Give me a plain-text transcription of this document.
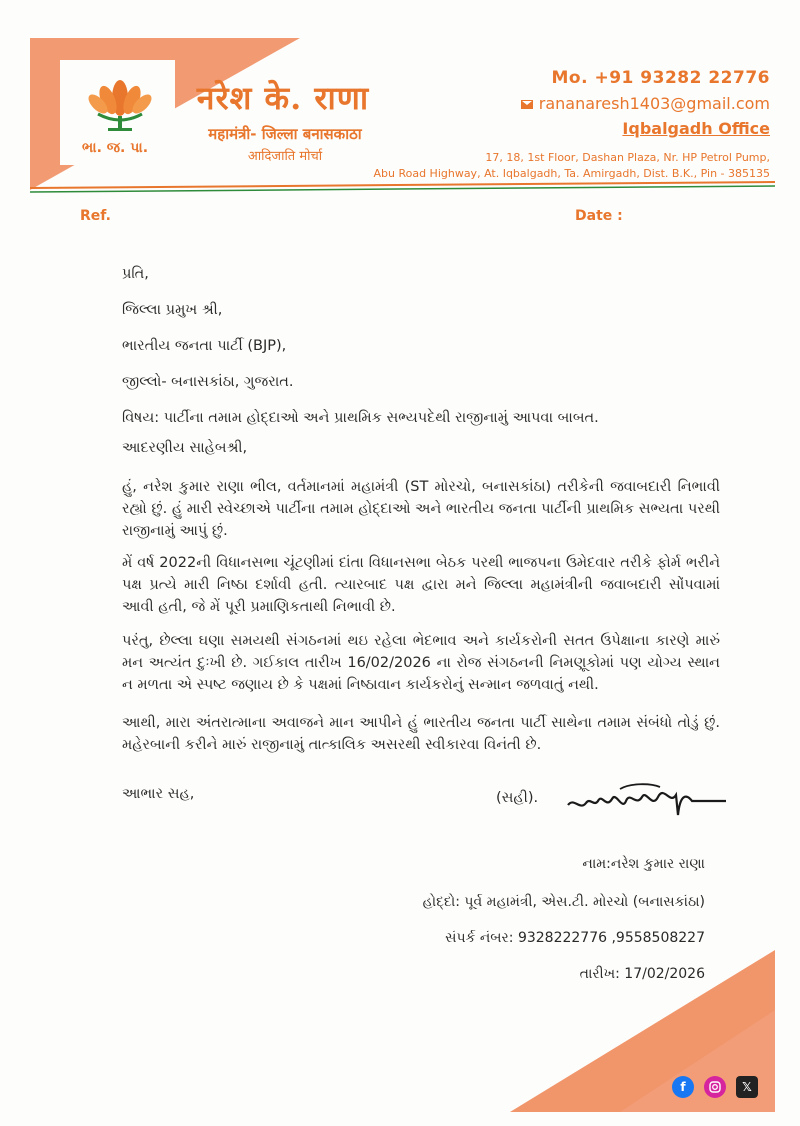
ભા. જ. પા.
नरेश के. राणा
महामंत्री- जिल्ला बनासकाठा
आदिजाति मोर्चा
Mo. +91 93282 22776
rananaresh1403@gmail.com
Iqbalgadh Office
17, 18, 1st Floor, Dashan Plaza, Nr. HP Petrol Pump,
Abu Road Highway, At. Iqbalgadh, Ta. Amirgadh, Dist. B.K., Pin - 385135
Ref.	Date :
પ્રતિ,
જિલ્લા પ્રમુખ શ્રી,
ભારતીય જનતા પાર્ટી (BJP),
જીલ્લો- બનાસકાંઠા, ગુજરાત.
વિષય: પાર્ટીના તમામ હોદ્દાઓ અને પ્રાથમિક સભ્યપદેથી રાજીનામું આપવા બાબત.
આદરણીય સાહેબશ્રી,
હું, નરેશ કુમાર રાણા ભીલ, વર્તમાનમાં મહામંત્રી (ST મોરચો, બનાસકાંઠા) તરીકેની જવાબદારી નિભાવી રહ્યો છું. હું મારી સ્વેચ્છાએ પાર્ટીના તમામ હોદ્દાઓ અને ભારતીય જનતા પાર્ટીની પ્રાથમિક સભ્યતા પરથી રાજીનામું આપું છું.
મેં વર્ષ 2022ની વિધાનસભા ચૂંટણીમાં દાંતા વિધાનસભા બેઠક પરથી ભાજપના ઉમેદવાર તરીકે ફોર્મ ભરીને પક્ષ પ્રત્યે મારી નિષ્ઠા દર્શાવી હતી. ત્યારબાદ પક્ષ દ્વારા મને જિલ્લા મહામંત્રીની જવાબદારી સોંપવામાં આવી હતી, જે મેં પૂરી પ્રમાણિકતાથી નિભાવી છે.
પરંતુ, છેલ્લા ઘણા સમયથી સંગઠનમાં થઇ રહેલા ભેદભાવ અને કાર્યકરોની સતત ઉપેક્ષાના કારણે મારું મન અત્યંત દુઃખી છે. ગઈકાલ તારીખ 16/02/2026 ના રોજ સંગઠનની નિમણૂકોમાં પણ યોગ્ય સ્થાન ન મળતા એ સ્પષ્ટ જણાય છે કે પક્ષમાં નિષ્ઠાવાન કાર્યકરોનું સન્માન જળવાતું નથી.
આથી, મારા અંતરાત્માના અવાજને માન આપીને હું ભારતીય જનતા પાર્ટી સાથેના તમામ સંબંધો તોડું છું. મહેરબાની કરીને મારું રાજીનામું તાત્કાલિક અસરથી સ્વીકારવા વિનંતી છે.
આભાર સહ,	(સહી).
નામ:નરેશ કુમાર રાણા
હોદ્દો: પૂર્વ મહામંત્રી, એસ.ટી. મોરચો (બનાસકાંઠા)
સંપર્ક નંબર: 9328222776 ,9558508227
તારીખ: 17/02/2026
f	𝕏
